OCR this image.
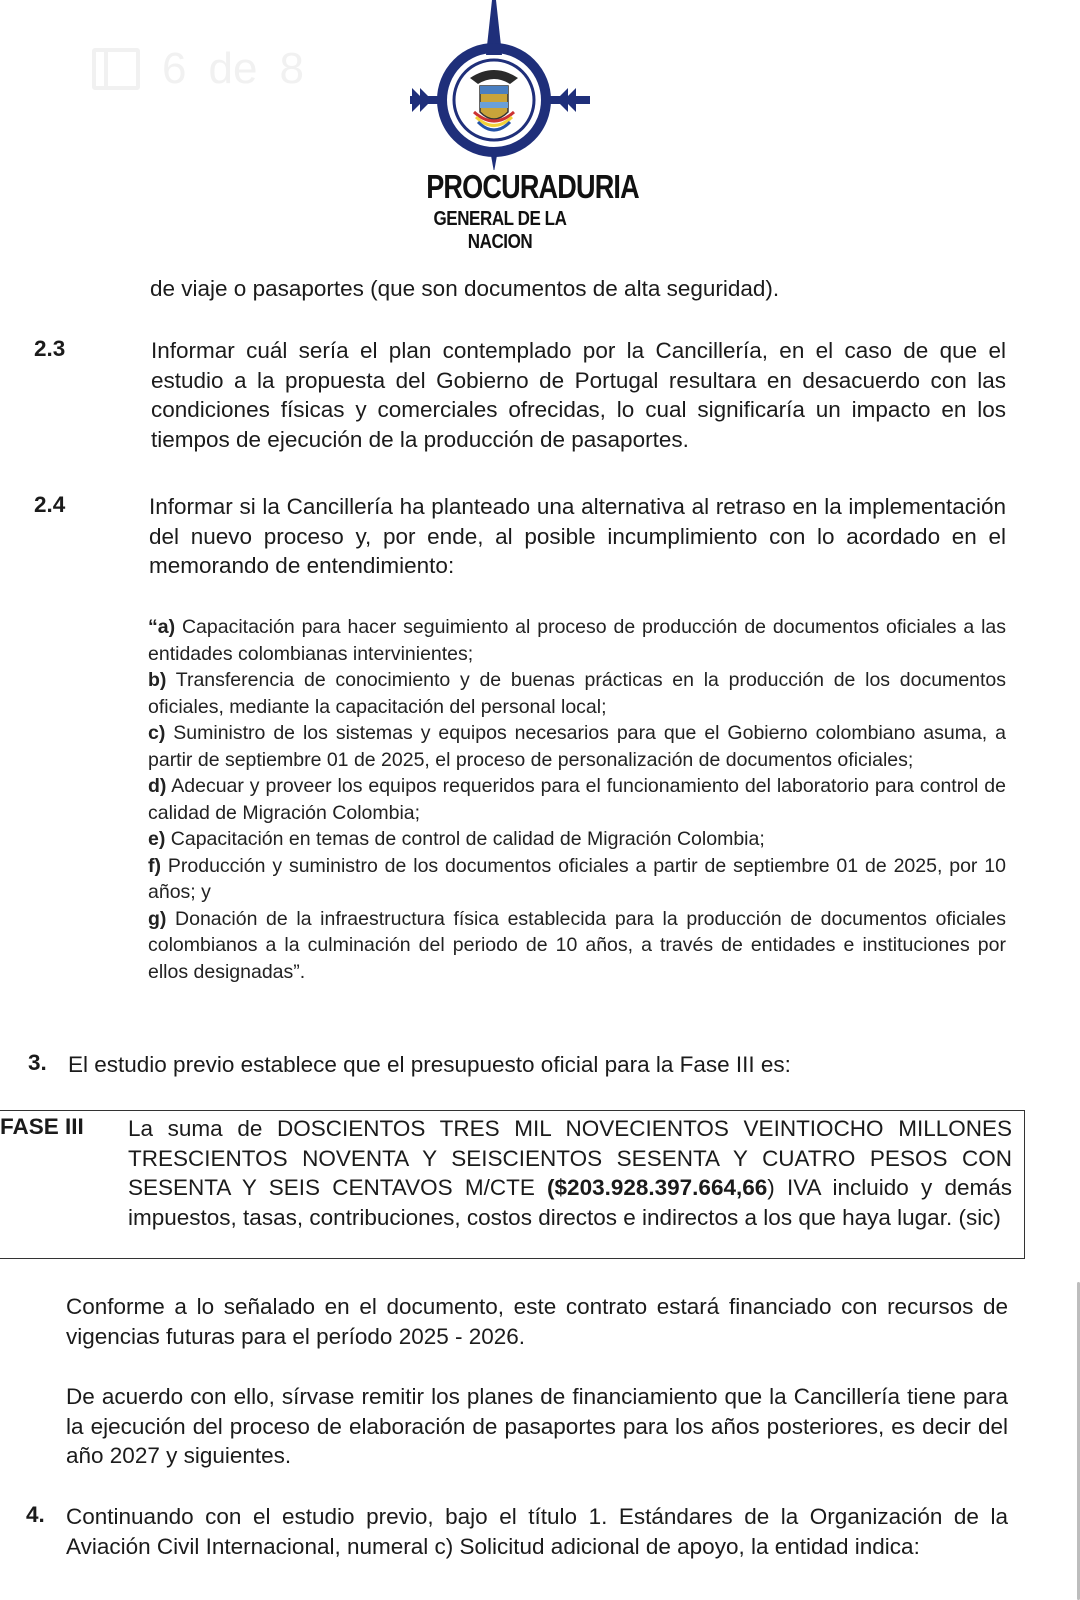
6 de 8
PROCURADURIA
GENERAL DE LA NACION

de viaje o pasaportes (que son documentos de alta seguridad).

2.3	Informar cuál sería el plan contemplado por la Cancillería, en el caso de que el estudio a la propuesta del Gobierno de Portugal resultara en desacuerdo con las condiciones físicas y comerciales ofrecidas, lo cual significaría un impacto en los tiempos de ejecución de la producción de pasaportes.

2.4	Informar si la Cancillería ha planteado una alternativa al retraso en la implementación del nuevo proceso y, por ende, al posible incumplimiento con lo acordado en el memorando de entendimiento:

“a) Capacitación para hacer seguimiento al proceso de producción de documentos oficiales a las entidades colombianas intervinientes;
b) Transferencia de conocimiento y de buenas prácticas en la producción de los documentos oficiales, mediante la capacitación del personal local;
c) Suministro de los sistemas y equipos necesarios para que el Gobierno colombiano asuma, a partir de septiembre 01 de 2025, el proceso de personalización de documentos oficiales;
d) Adecuar y proveer los equipos requeridos para el funcionamiento del laboratorio para control de calidad de Migración Colombia;
e) Capacitación en temas de control de calidad de Migración Colombia;
f) Producción y suministro de los documentos oficiales a partir de septiembre 01 de 2025, por 10 años; y
g) Donación de la infraestructura física establecida para la producción de documentos oficiales colombianos a la culminación del periodo de 10 años, a través de entidades e instituciones por ellos designadas”.
3. El estudio previo establece que el presupuesto oficial para la Fase III es:

FASE III La suma de DOSCIENTOS TRES MIL NOVECIENTOS VEINTIOCHO MILLONES TRESCIENTOS NOVENTA Y SEISCIENTOS SESENTA Y CUATRO PESOS CON SESENTA Y SEIS CENTAVOS M/CTE ($203.928.397.664,66) IVA incluido y demás impuestos, tasas, contribuciones, costos directos e indirectos a los que haya lugar. (sic)

Conforme a lo señalado en el documento, este contrato estará financiado con recursos de vigencias futuras para el período 2025 - 2026.

De acuerdo con ello, sírvase remitir los planes de financiamiento que la Cancillería tiene para la ejecución del proceso de elaboración de pasaportes para los años posteriores, es decir del año 2027 y siguientes.

4. Continuando con el estudio previo, bajo el título 1. Estándares de la Organización de la Aviación Civil Internacional, numeral c) Solicitud adicional de apoyo, la entidad indica:
